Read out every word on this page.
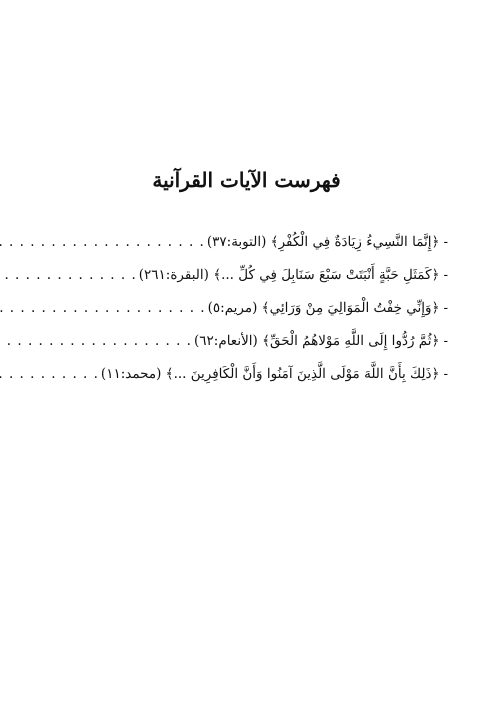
فهرست الآيات القرآنية
-
﴿إِنَّمَا النَّسِيءُ زِيَادَةٌ فِي الْكُفْرِ﴾ (التوبة:٣٧)
. . .
-
﴿كَمَثَلِ حَبَّةٍ أَنْبَتَتْ سَبْعَ سَنَابِلَ فِي كُلِّ ...﴾ (البقرة:٢٦١)
. . .
-
﴿وَإِنِّي خِفْتُ الْمَوَالِيَ مِنْ وَرَائِي﴾ (مريم:٥)
. . .
-
﴿ثُمَّ رُدُّوا إِلَى اللَّهِ مَوْلاهُمُ الْحَقِّ﴾ (الأنعام:٦٢)
. . .
-
﴿ذَلِكَ بِأَنَّ اللَّهَ مَوْلَى الَّذِينَ آمَنُوا وَأَنَّ الْكَافِرِينَ ...﴾ (محمد:١١)
. . .
